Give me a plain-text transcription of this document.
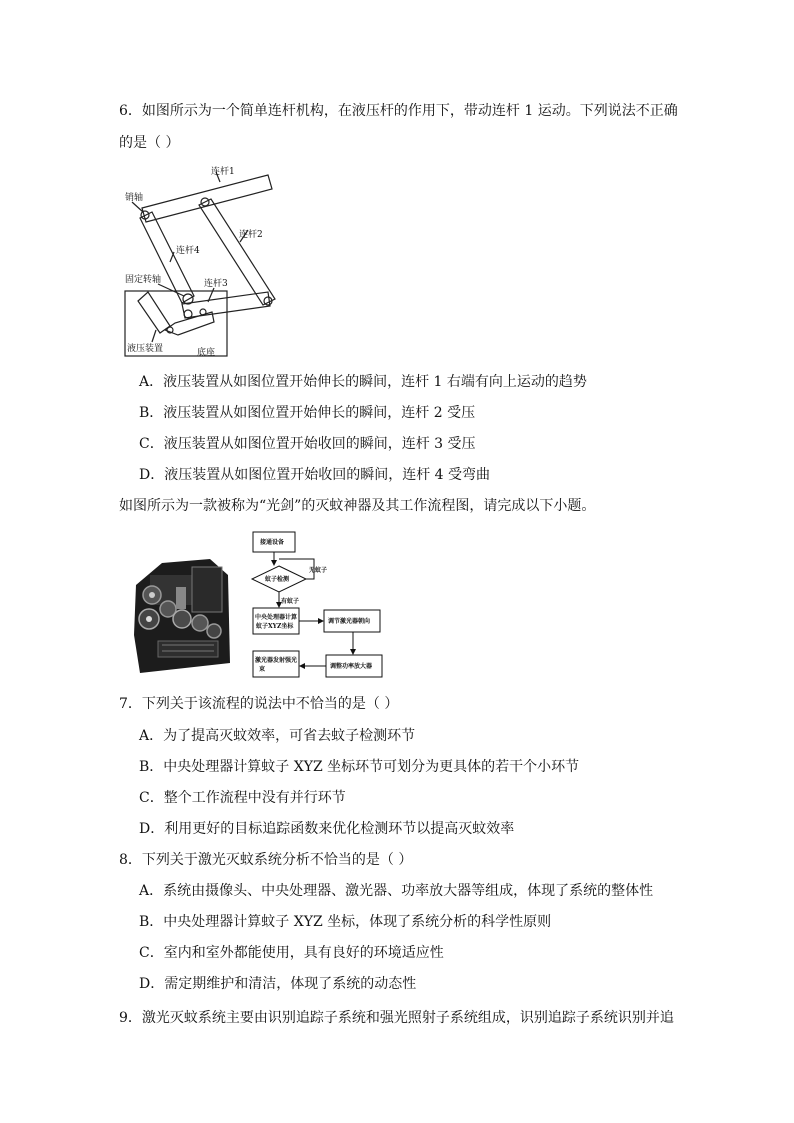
6．如图所示为一个简单连杆机构，在液压杆的作用下，带动连杆 1 运动。下列说法不正确
的是（ ）
连杆1
销轴
连杆2
连杆4
固定转轴	连杆3
液压装置	底座
A．液压装置从如图位置开始伸长的瞬间，连杆 1 右端有向上运动的趋势
B．液压装置从如图位置开始伸长的瞬间，连杆 2 受压
C．液压装置从如图位置开始收回的瞬间，连杆 3 受压
D．液压装置从如图位置开始收回的瞬间，连杆 4 受弯曲
如图所示为一款被称为“光剑”的灭蚊神器及其工作流程图，请完成以下小题。
接通设备
蚊子检测
无蚊子
有蚊子
中央处理器计算
蚊子XYZ坐标
调节激光器朝向
调整功率放大器
激光器发射强光
束
7．下列关于该流程的说法中不恰当的是（ ）
A．为了提高灭蚊效率，可省去蚊子检测环节
B．中央处理器计算蚊子 XYZ 坐标环节可划分为更具体的若干个小环节
C．整个工作流程中没有并行环节
D．利用更好的目标追踪函数来优化检测环节以提高灭蚊效率
8．下列关于激光灭蚊系统分析不恰当的是（ ）
A．系统由摄像头、中央处理器、激光器、功率放大器等组成，体现了系统的整体性
B．中央处理器计算蚊子 XYZ 坐标，体现了系统分析的科学性原则
C．室内和室外都能使用，具有良好的环境适应性
D．需定期维护和清洁，体现了系统的动态性
9．激光灭蚊系统主要由识别追踪子系统和强光照射子系统组成，识别追踪子系统识别并追
